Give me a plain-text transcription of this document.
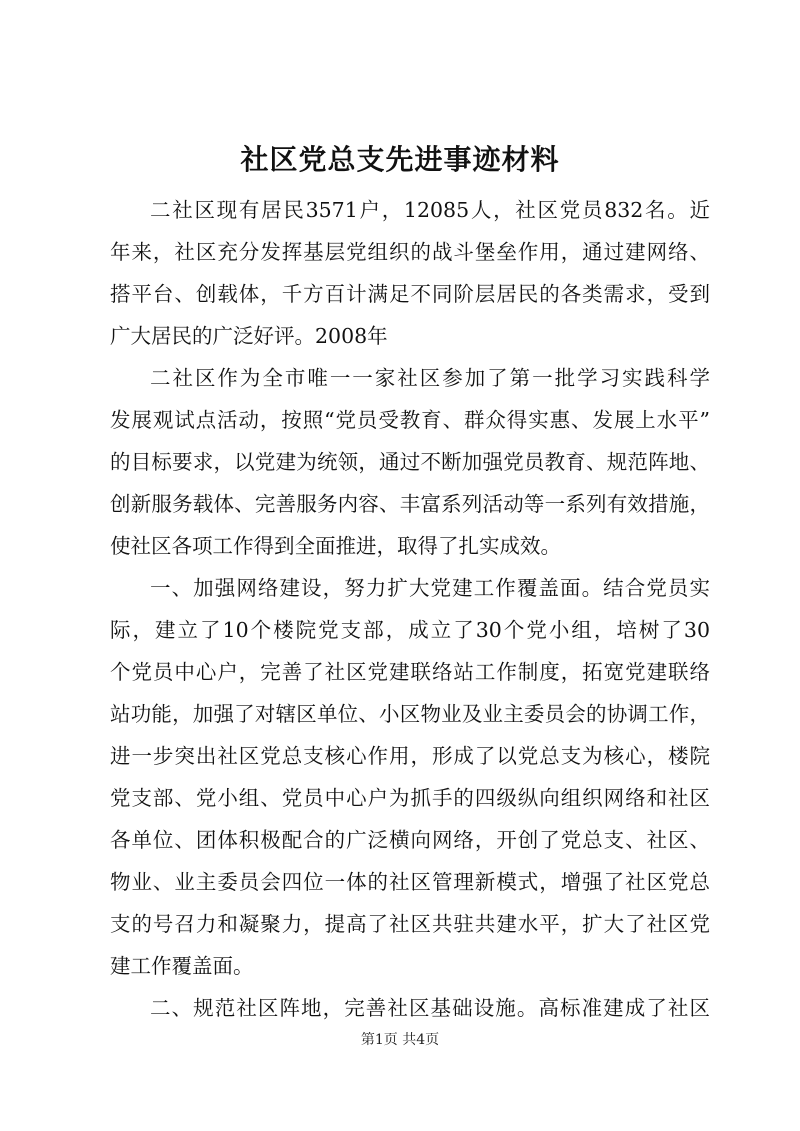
社区党总支先进事迹材料
二社区现有居民3571户，12085人，社区党员832名。近
年来，社区充分发挥基层党组织的战斗堡垒作用，通过建网络、
搭平台、创载体，千方百计满足不同阶层居民的各类需求，受到
广大居民的广泛好评。2008年
二社区作为全市唯一一家社区参加了第一批学习实践科学
发展观试点活动，按照“党员受教育、群众得实惠、发展上水平”
的目标要求，以党建为统领，通过不断加强党员教育、规范阵地、
创新服务载体、完善服务内容、丰富系列活动等一系列有效措施，
使社区各项工作得到全面推进，取得了扎实成效。
一、加强网络建设，努力扩大党建工作覆盖面。结合党员实
际，建立了10个楼院党支部，成立了30个党小组，培树了30
个党员中心户，完善了社区党建联络站工作制度，拓宽党建联络
站功能，加强了对辖区单位、小区物业及业主委员会的协调工作，
进一步突出社区党总支核心作用，形成了以党总支为核心，楼院
党支部、党小组、党员中心户为抓手的四级纵向组织网络和社区
各单位、团体积极配合的广泛横向网络，开创了党总支、社区、
物业、业主委员会四位一体的社区管理新模式，增强了社区党总
支的号召力和凝聚力，提高了社区共驻共建水平，扩大了社区党
建工作覆盖面。
二、规范社区阵地，完善社区基础设施。高标准建成了社区
第1页 共4页
